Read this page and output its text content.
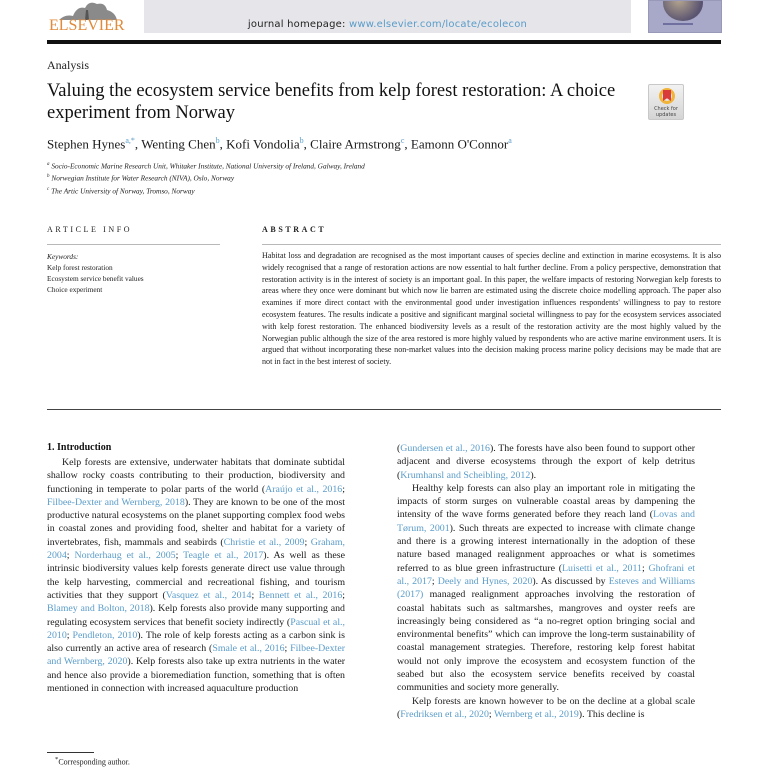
ELSEVIER	journal homepage: www.elsevier.com/locate/ecolecon
Analysis
Valuing the ecosystem service benefits from kelp forest restoration: A choice experiment from Norway	Check for
updates
Stephen Hynes$^{a,*}$, Wenting Chen$^b$, Kofi Vondolia$^b$, Claire Armstrong$^c$, Eamonn O'Connor$^a$
$^a$ Socio-Economic Marine Research Unit, Whitaker Institute, National University of Ireland, Galway, Ireland
$^b$ Norwegian Institute for Water Research (NIVA), Oslo, Norway
$^c$ The Artic University of Norway, Tromso, Norway
ARTICLE INFO
Keywords:
Kelp forest restoration
Ecosystem service benefit values
Choice experiment
ABSTRACT

Habitat loss and degradation are recognised as the most important causes of species decline and extinction in marine ecosystems. It is also widely recognised that a range of restoration actions are now essential to halt further decline. From a policy perspective, demonstration that restoration activity is in the interest of society is an important goal. In this paper, the welfare impacts of restoring Norwegian kelp forests to areas where they once were dominant but which now lie barren are estimated using the discrete choice modelling approach. The paper also examines if more direct contact with the environmental good under investigation influences respondents' willingness to pay to restore ecosystem features. The results indicate a positive and significant marginal societal willingness to pay for the ecosystem services associated with kelp forest restoration. The enhanced biodiversity levels as a result of the restoration activity are the most highly valued by the Norwegian public although the size of the area restored is more highly valued by respondents who are active marine environment users. It is argued that without incorporating these non-market values into the decision making process marine policy decisions may be made that are not in fact in the best interest of society.

1. Introduction

Kelp forests are extensive, underwater habitats that dominate subtidal shallow rocky coasts contributing to their production, biodiversity and functioning in temperate to polar parts of the world (Araújo et al., 2016; Filbee-Dexter and Wernberg, 2018). They are known to be one of the most productive natural ecosystems on the planet supporting complex food webs in coastal zones and providing food, shelter and habitat for a variety of invertebrates, fish, mammals and seabirds (Christie et al., 2009; Graham, 2004; Norderhaug et al., 2005; Teagle et al., 2017). As well as these intrinsic biodiversity values kelp forests generate direct use value through the kelp harvesting, commercial and recreational fishing, and tourism activities that they support (Vasquez et al., 2014; Bennett et al., 2016; Blamey and Bolton, 2018). Kelp forests also provide many supporting and regulating ecosystem services that benefit society indirectly (Pascual et al., 2010; Pendleton, 2010). The role of kelp forests acting as a carbon sink is also currently an active area of research (Smale et al., 2016; Filbee-Dexter and Wernberg, 2020). Kelp forests also take up extra nutrients in the water and hence also provide a bioremediation function, something that is often mentioned in connection with increased aquaculture production

(Gundersen et al., 2016). The forests have also been found to support other adjacent and diverse ecosystems through the export of kelp detritus (Krumhansl and Scheibling, 2012).

Healthy kelp forests can also play an important role in mitigating the impacts of storm surges on vulnerable coastal areas by dampening the intensity of the wave forms generated before they reach land (Lovas and Tørum, 2001). Such threats are expected to increase with climate change and there is a growing interest internationally in the adoption of these nature based managed realignment approaches or what is sometimes referred to as blue green infrastructure (Luisetti et al., 2011; Ghofrani et al., 2017; Deely and Hynes, 2020). As discussed by Esteves and Williams (2017) managed realignment approaches involving the restoration of coastal habitats such as saltmarshes, mangroves and oyster reefs are increasingly being considered as “a no-regret option bringing social and environmental benefits” which can improve the long-term sustainability of coastal management strategies. Therefore, restoring kelp forest habitat would not only improve the ecosystem and ecosystem function of the seabed but also the ecosystem service benefits received by coastal communities and society more generally.

Kelp forests are known however to be on the decline at a global scale (Fredriksen et al., 2020; Wernberg et al., 2019). This decline is

*Corresponding author.
